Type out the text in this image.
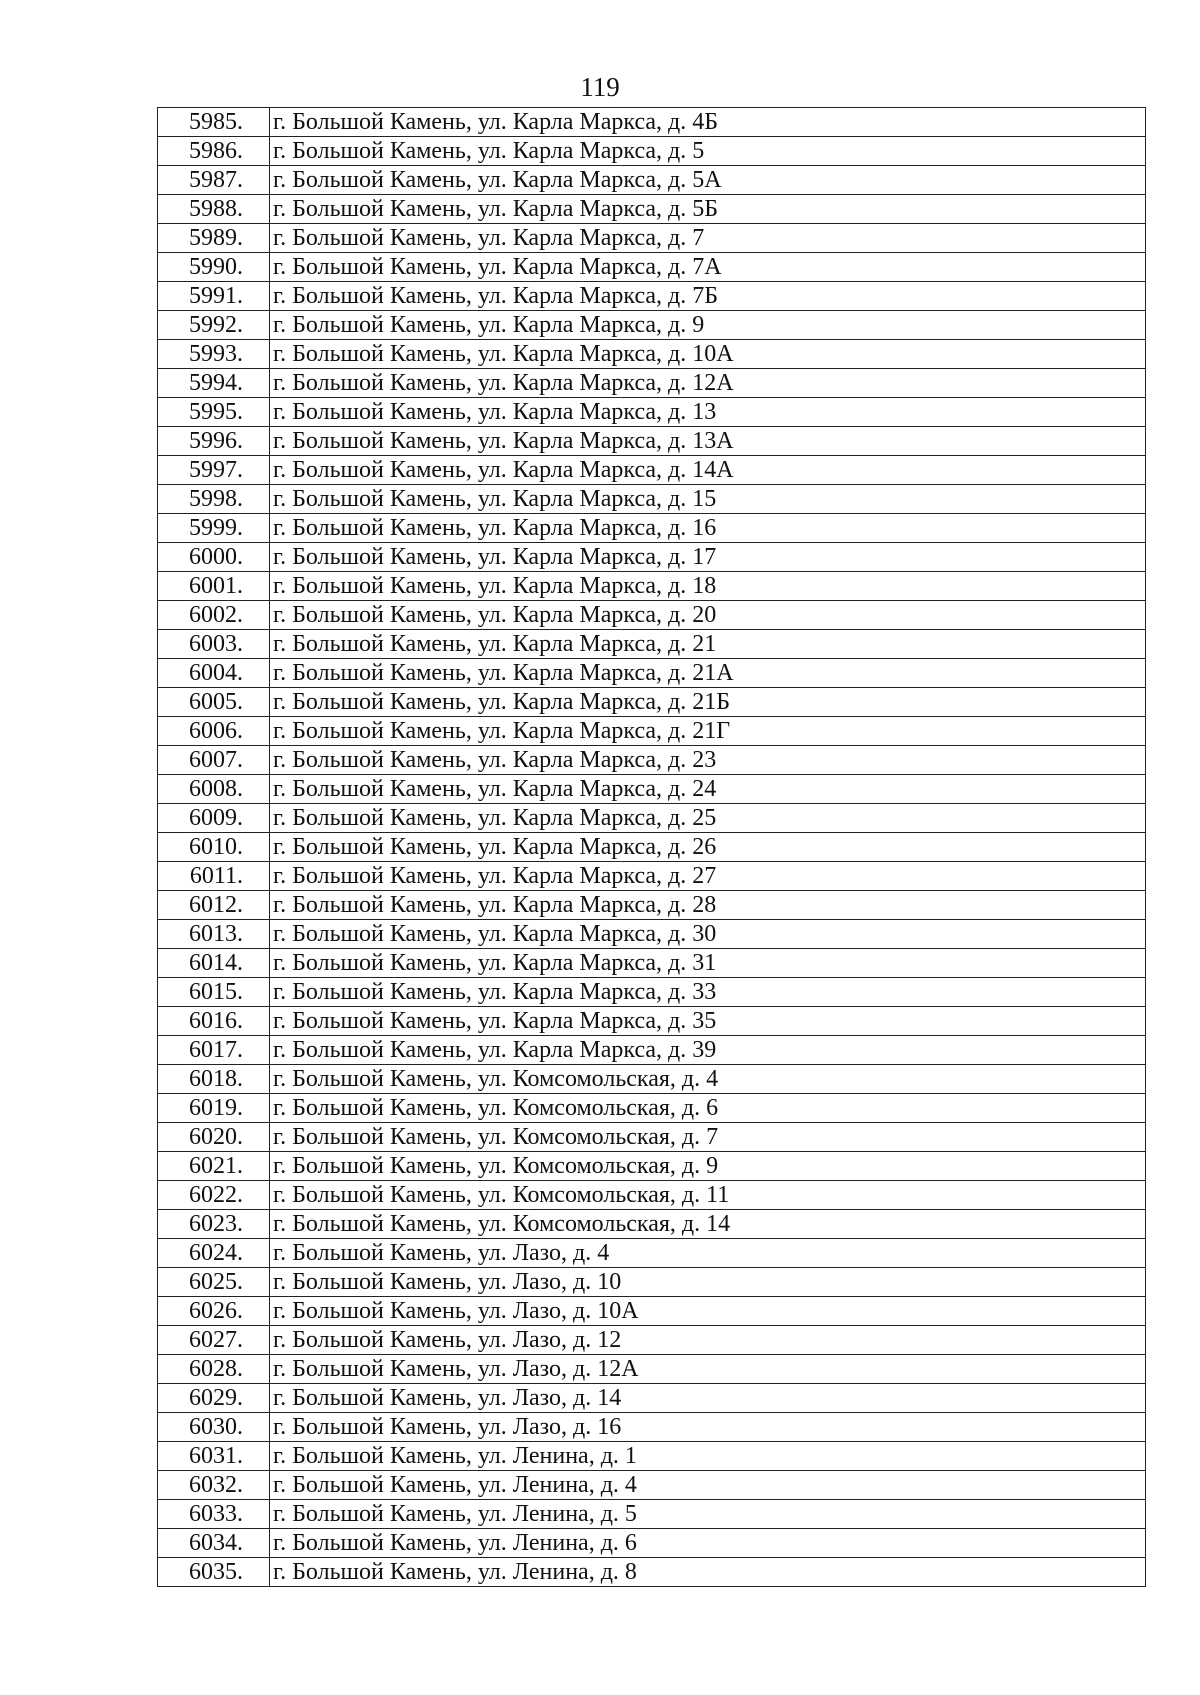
119
5985.	г. Большой Камень, ул. Карла Маркса, д. 4Б
5986.	г. Большой Камень, ул. Карла Маркса, д. 5
5987.	г. Большой Камень, ул. Карла Маркса, д. 5А
5988.	г. Большой Камень, ул. Карла Маркса, д. 5Б
5989.	г. Большой Камень, ул. Карла Маркса, д. 7
5990.	г. Большой Камень, ул. Карла Маркса, д. 7А
5991.	г. Большой Камень, ул. Карла Маркса, д. 7Б
5992.	г. Большой Камень, ул. Карла Маркса, д. 9
5993.	г. Большой Камень, ул. Карла Маркса, д. 10А
5994.	г. Большой Камень, ул. Карла Маркса, д. 12А
5995.	г. Большой Камень, ул. Карла Маркса, д. 13
5996.	г. Большой Камень, ул. Карла Маркса, д. 13А
5997.	г. Большой Камень, ул. Карла Маркса, д. 14А
5998.	г. Большой Камень, ул. Карла Маркса, д. 15
5999.	г. Большой Камень, ул. Карла Маркса, д. 16
6000.	г. Большой Камень, ул. Карла Маркса, д. 17
6001.	г. Большой Камень, ул. Карла Маркса, д. 18
6002.	г. Большой Камень, ул. Карла Маркса, д. 20
6003.	г. Большой Камень, ул. Карла Маркса, д. 21
6004.	г. Большой Камень, ул. Карла Маркса, д. 21А
6005.	г. Большой Камень, ул. Карла Маркса, д. 21Б
6006.	г. Большой Камень, ул. Карла Маркса, д. 21Г
6007.	г. Большой Камень, ул. Карла Маркса, д. 23
6008.	г. Большой Камень, ул. Карла Маркса, д. 24
6009.	г. Большой Камень, ул. Карла Маркса, д. 25
6010.	г. Большой Камень, ул. Карла Маркса, д. 26
6011.	г. Большой Камень, ул. Карла Маркса, д. 27
6012.	г. Большой Камень, ул. Карла Маркса, д. 28
6013.	г. Большой Камень, ул. Карла Маркса, д. 30
6014.	г. Большой Камень, ул. Карла Маркса, д. 31
6015.	г. Большой Камень, ул. Карла Маркса, д. 33
6016.	г. Большой Камень, ул. Карла Маркса, д. 35
6017.	г. Большой Камень, ул. Карла Маркса, д. 39
6018.	г. Большой Камень, ул. Комсомольская, д. 4
6019.	г. Большой Камень, ул. Комсомольская, д. 6
6020.	г. Большой Камень, ул. Комсомольская, д. 7
6021.	г. Большой Камень, ул. Комсомольская, д. 9
6022.	г. Большой Камень, ул. Комсомольская, д. 11
6023.	г. Большой Камень, ул. Комсомольская, д. 14
6024.	г. Большой Камень, ул. Лазо, д. 4
6025.	г. Большой Камень, ул. Лазо, д. 10
6026.	г. Большой Камень, ул. Лазо, д. 10А
6027.	г. Большой Камень, ул. Лазо, д. 12
6028.	г. Большой Камень, ул. Лазо, д. 12А
6029.	г. Большой Камень, ул. Лазо, д. 14
6030.	г. Большой Камень, ул. Лазо, д. 16
6031.	г. Большой Камень, ул. Ленина, д. 1
6032.	г. Большой Камень, ул. Ленина, д. 4
6033.	г. Большой Камень, ул. Ленина, д. 5
6034.	г. Большой Камень, ул. Ленина, д. 6
6035.	г. Большой Камень, ул. Ленина, д. 8
